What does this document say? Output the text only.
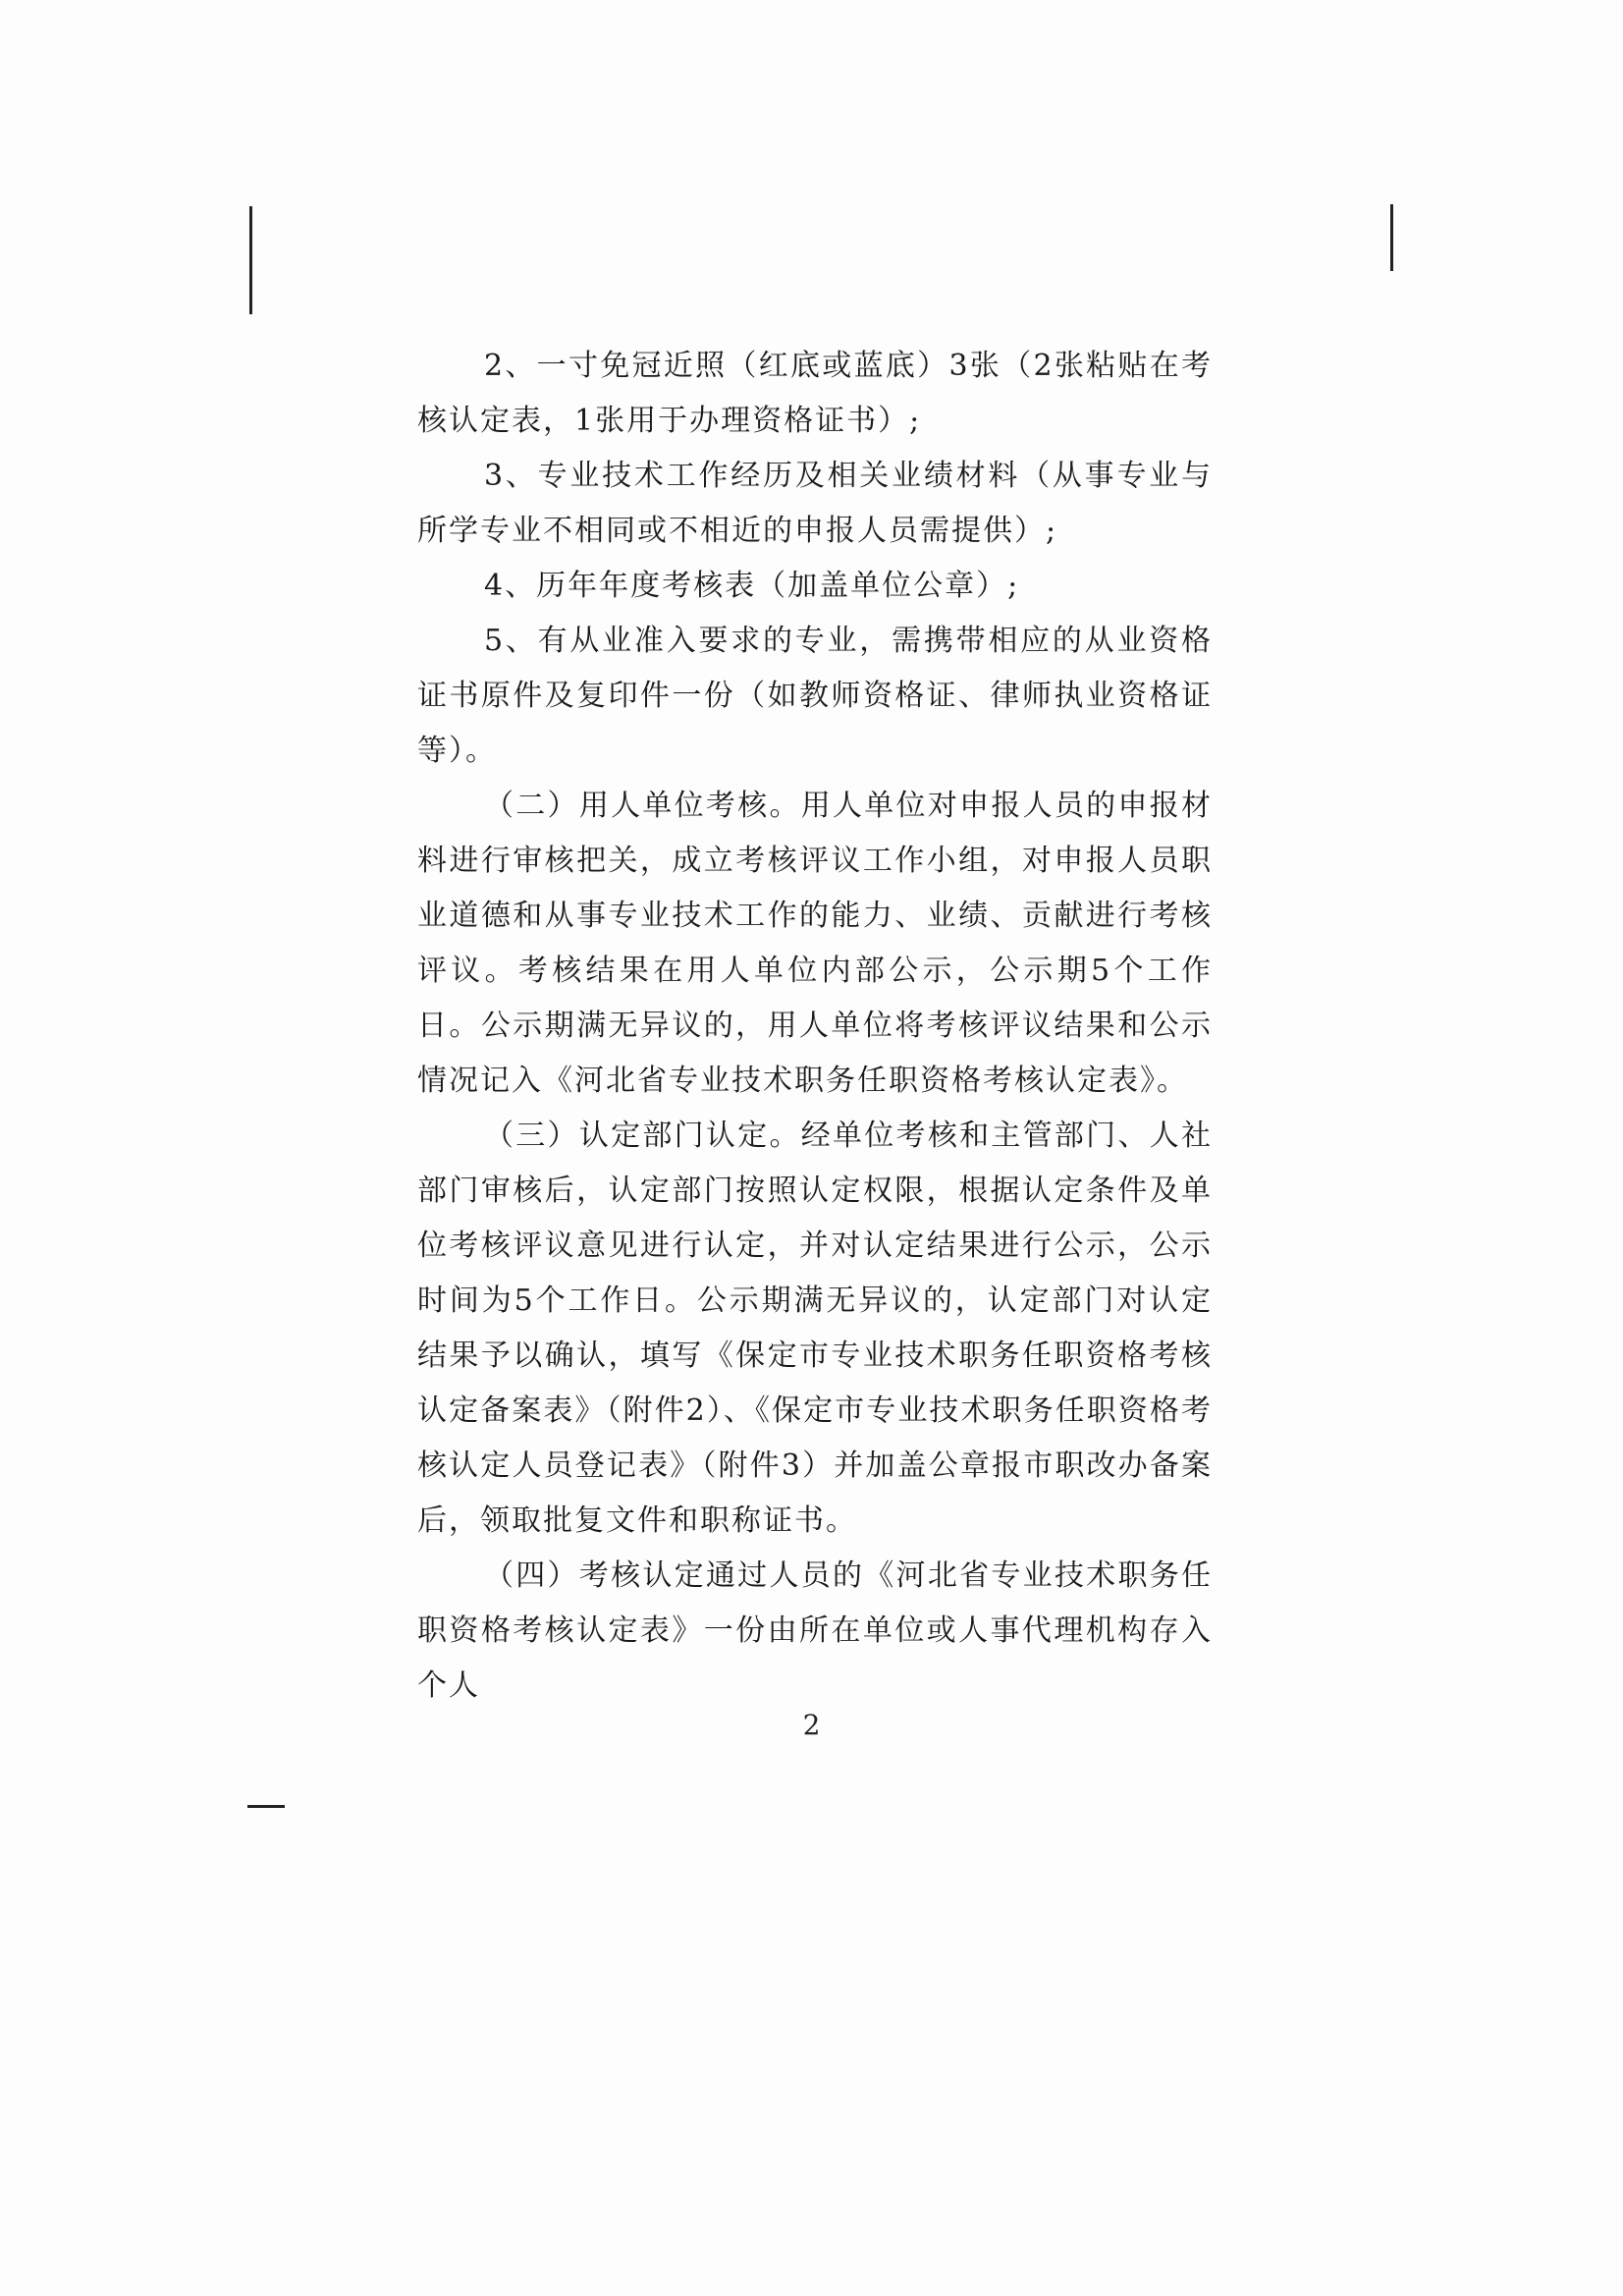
2、一寸免冠近照（红底或蓝底）3张（2张粘贴在考核认定表，1张用于办理资格证书）;

3、专业技术工作经历及相关业绩材料（从事专业与所学专业不相同或不相近的申报人员需提供）;

4、历年年度考核表（加盖单位公章）;

5、有从业准入要求的专业，需携带相应的从业资格证书原件及复印件一份（如教师资格证、律师执业资格证等）。

（二）用人单位考核。用人单位对申报人员的申报材料进行审核把关，成立考核评议工作小组，对申报人员职业道德和从事专业技术工作的能力、业绩、贡献进行考核评议。考核结果在用人单位内部公示，公示期5个工作日。公示期满无异议的，用人单位将考核评议结果和公示情况记入《河北省专业技术职务任职资格考核认定表》。

（三）认定部门认定。经单位考核和主管部门、人社部门审核后，认定部门按照认定权限，根据认定条件及单位考核评议意见进行认定，并对认定结果进行公示，公示时间为5个工作日。公示期满无异议的，认定部门对认定结果予以确认，填写《保定市专业技术职务任职资格考核认定备案表》（附件2）、《保定市专业技术职务任职资格考核认定人员登记表》（附件3）并加盖公章报市职改办备案后，领取批复文件和职称证书。

（四）考核认定通过人员的《河北省专业技术职务任职资格考核认定表》一份由所在单位或人事代理机构存入个人

2
